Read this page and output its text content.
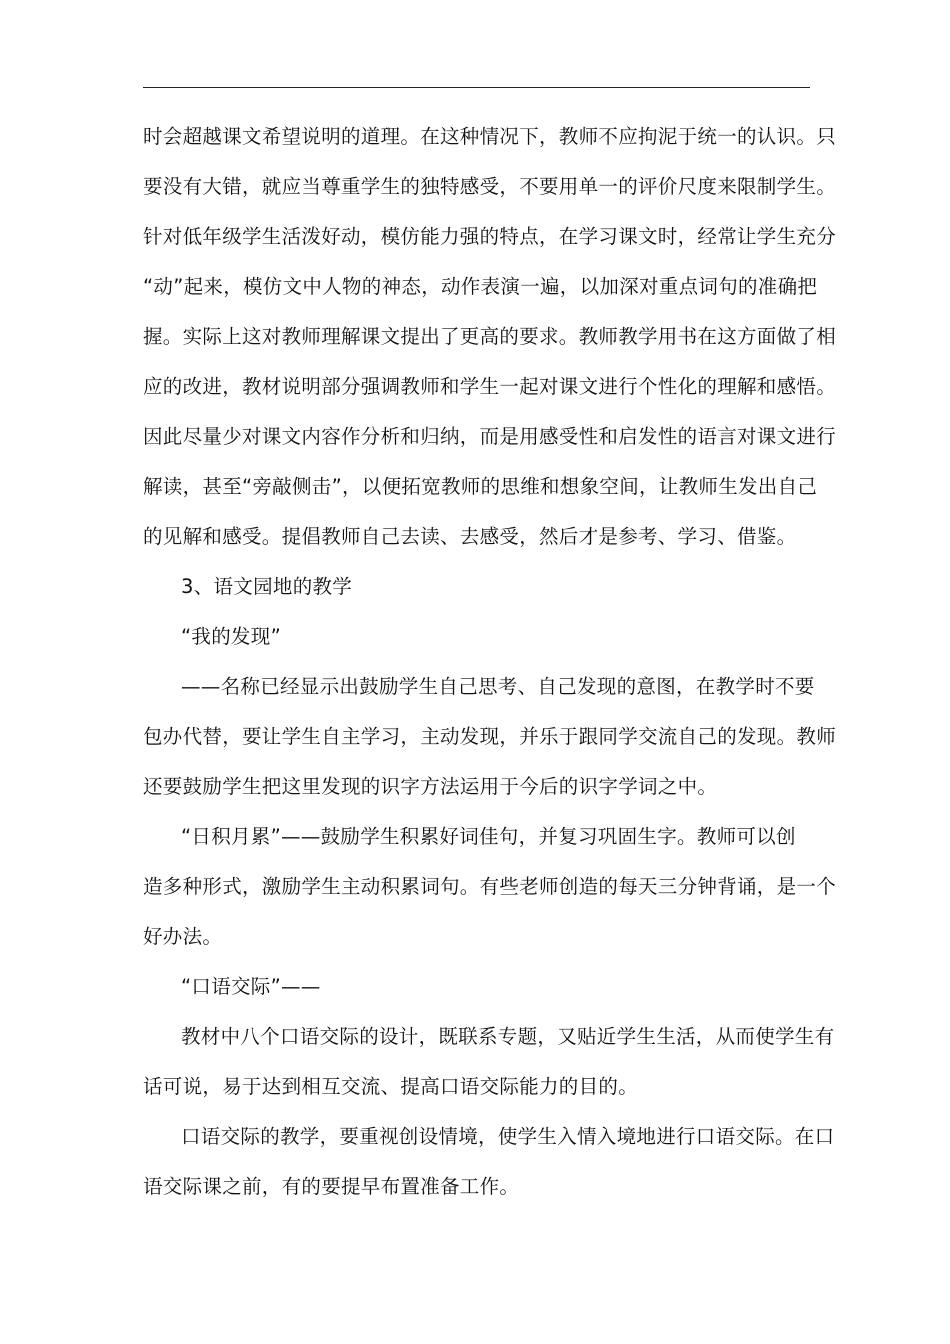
时会超越课文希望说明的道理。在这种情况下，教师不应拘泥于统一的认识。只
要没有大错，就应当尊重学生的独特感受，不要用单一的评价尺度来限制学生。
针对低年级学生活泼好动，模仿能力强的特点，在学习课文时，经常让学生充分
“动”起来，模仿文中人物的神态，动作表演一遍，以加深对重点词句的准确把
握。实际上这对教师理解课文提出了更高的要求。教师教学用书在这方面做了相
应的改进，教材说明部分强调教师和学生一起对课文进行个性化的理解和感悟。
因此尽量少对课文内容作分析和归纳，而是用感受性和启发性的语言对课文进行
解读，甚至“旁敲侧击”，以便拓宽教师的思维和想象空间，让教师生发出自己
的见解和感受。提倡教师自己去读、去感受，然后才是参考、学习、借鉴。
3、语文园地的教学
“我的发现”
——名称已经显示出鼓励学生自己思考、自己发现的意图，在教学时不要
包办代替，要让学生自主学习，主动发现，并乐于跟同学交流自己的发现。教师
还要鼓励学生把这里发现的识字方法运用于今后的识字学词之中。
“日积月累”——鼓励学生积累好词佳句，并复习巩固生字。教师可以创
造多种形式，激励学生主动积累词句。有些老师创造的每天三分钟背诵，是一个
好办法。
“口语交际”——
教材中八个口语交际的设计，既联系专题，又贴近学生生活，从而使学生有
话可说，易于达到相互交流、提高口语交际能力的目的。
口语交际的教学，要重视创设情境，使学生入情入境地进行口语交际。在口
语交际课之前，有的要提早布置准备工作。
